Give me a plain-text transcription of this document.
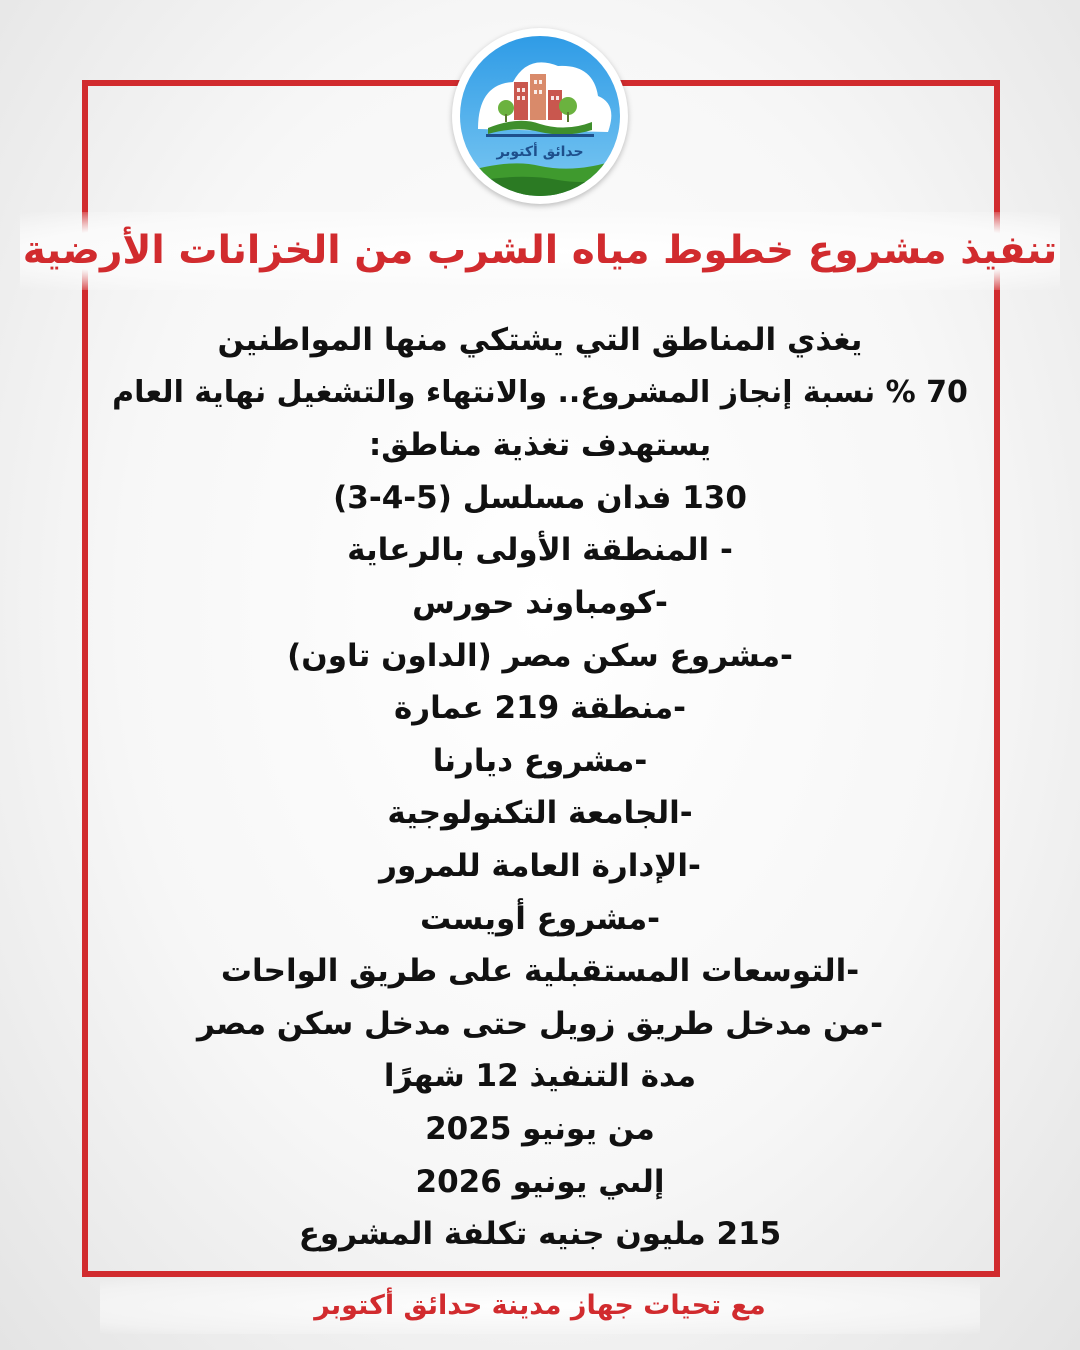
حدائق أكتوبر
تنفيذ مشروع خطوط مياه الشرب من الخزانات الأرضية
يغذي المناطق التي يشتكي منها المواطنين
70 % نسبة إنجاز المشروع.. والانتهاء والتشغيل نهاية العام
يستهدف تغذية مناطق:
130 فدان مسلسل (5-4-3)
- المنطقة الأولى بالرعاية
-كومباوند حورس
-مشروع سكن مصر (الداون تاون)
-منطقة 219 عمارة
-مشروع ديارنا
-الجامعة التكنولوجية
-الإدارة العامة للمرور
-مشروع أويست
-التوسعات المستقبلية على طريق الواحات
-من مدخل طريق زويل حتى مدخل سكن مصر
مدة التنفيذ 12 شهرًا
من يونيو 2025
إلىي يونيو 2026
215 مليون جنيه تكلفة المشروع
مع تحيات جهاز مدينة حدائق أكتوبر
